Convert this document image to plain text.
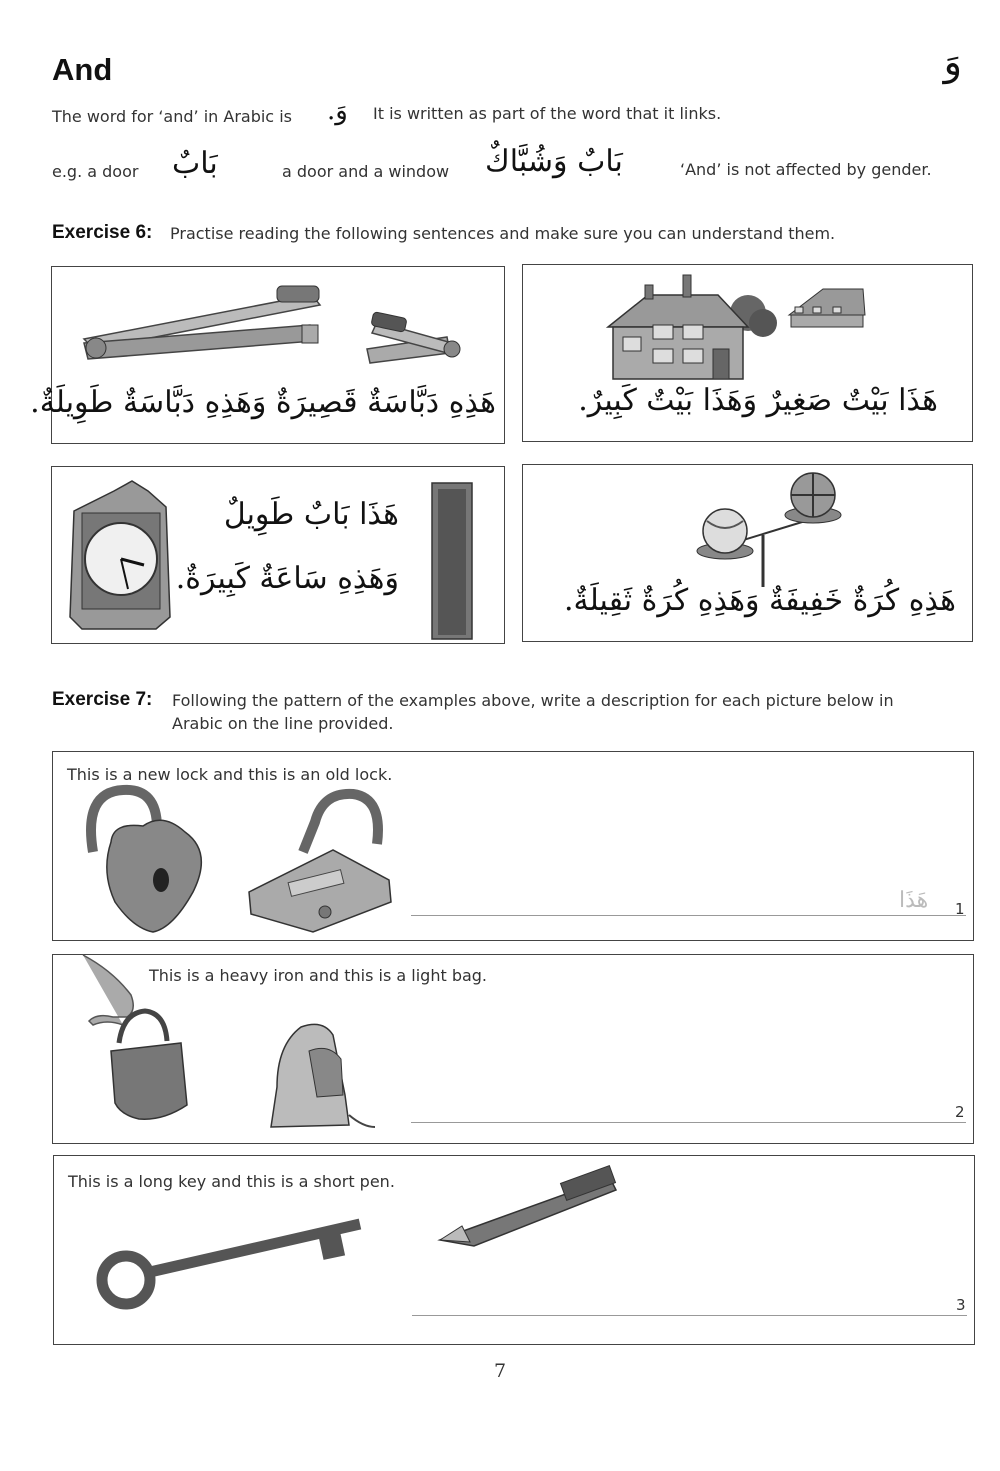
And	وَ
The word for ‘and’ in Arabic is وَ. It is written as part of the word that it links.
e.g. a door بَابٌ	a door and a window بَابٌ وَشُبَّاكٌ	‘And’ is not affected by gender.
Exercise 6: Practise reading the following sentences and make sure you can understand them.
هَذِهِ دَبَّاسَةٌ قَصِيرَةٌ وَهَذِهِ دَبَّاسَةٌ طَوِيلَةٌ.	هَذَا بَيْتٌ صَغِيرٌ وَهَذَا بَيْتٌ كَبِيرٌ.
هَذَا بَابٌ طَوِيلٌ
وَهَذِهِ سَاعَةٌ كَبِيرَةٌ.
هَذِهِ كُرَةٌ خَفِيفَةٌ وَهَذِهِ كُرَةٌ ثَقِيلَةٌ.
Exercise 7: Following the pattern of the examples above, write a description for each picture below in
Arabic on the line provided.
This is a new lock and this is an old lock.
هَذَا 1
This is a heavy iron and this is a light bag.
2
This is a long key and this is a short pen.
3
7
